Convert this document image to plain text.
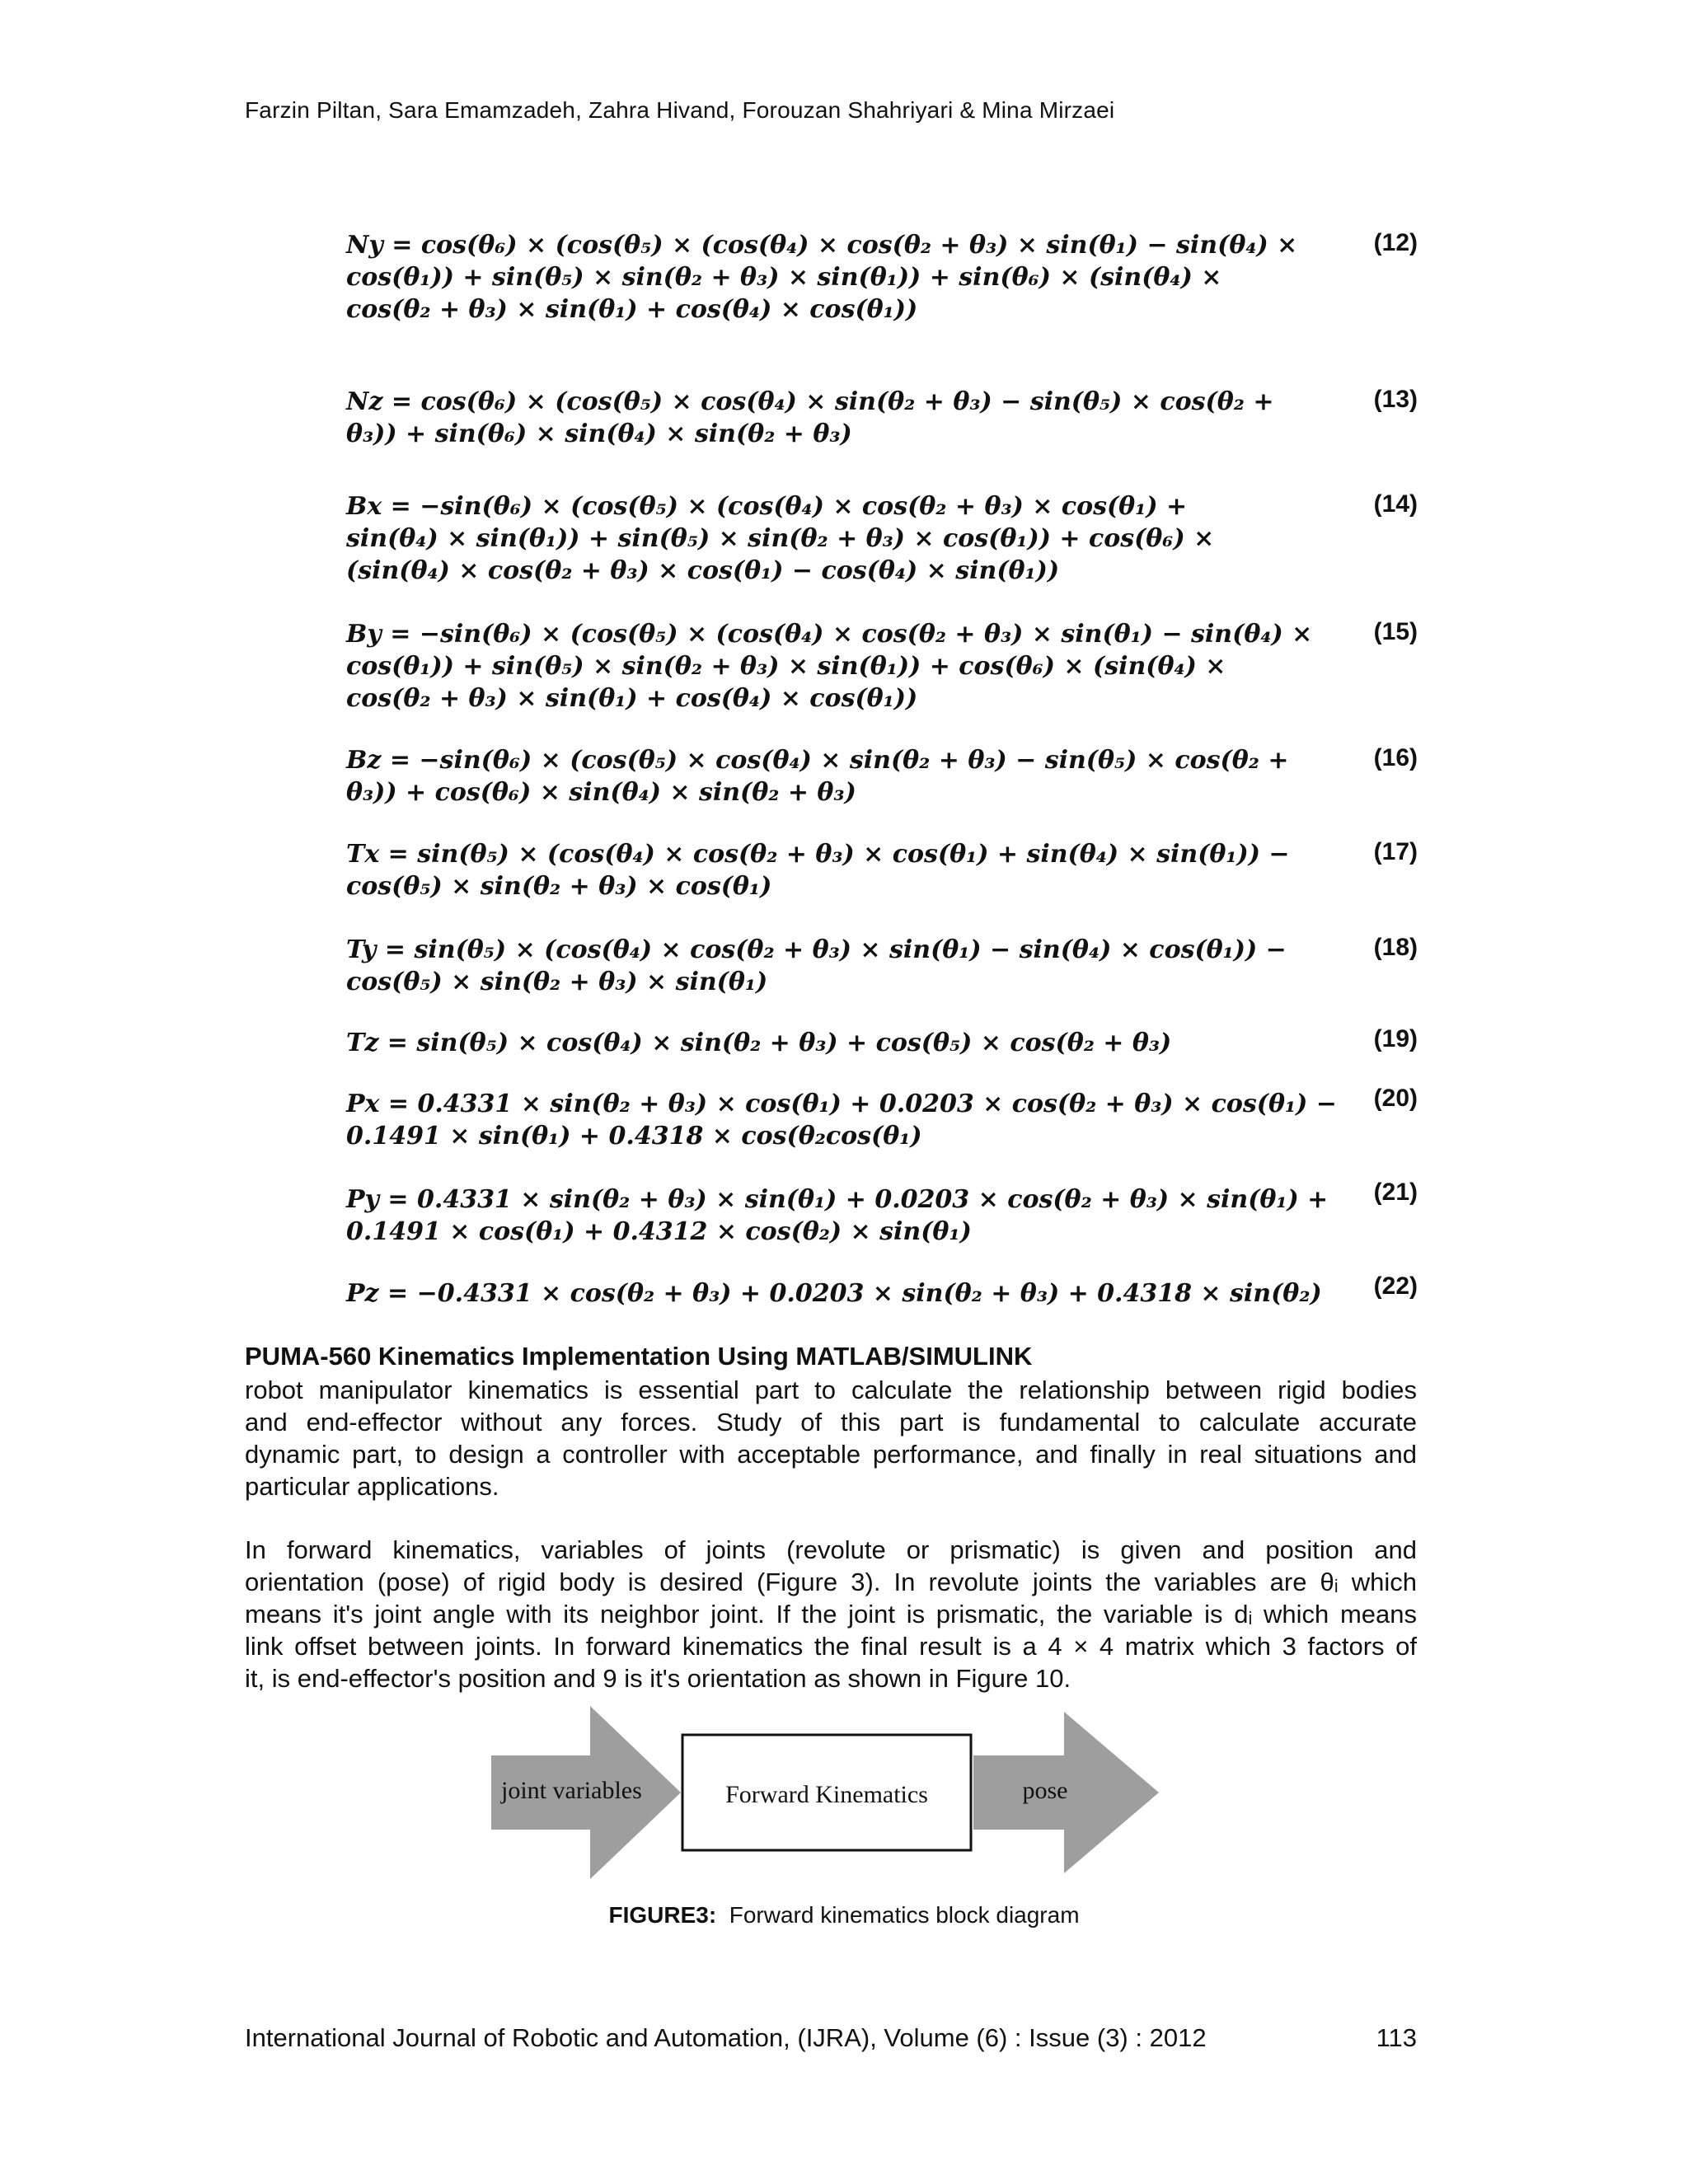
Farzin Piltan, Sara Emamzadeh, Zahra Hivand, Forouzan Shahriyari & Mina Mirzaei
Ny = cos(θ₆) × (cos(θ₅) × (cos(θ₄) × cos(θ₂ + θ₃) × sin(θ₁) − sin(θ₄) ×
cos(θ₁)) + sin(θ₅) × sin(θ₂ + θ₃) × sin(θ₁)) + sin(θ₆) × (sin(θ₄) ×
cos(θ₂ + θ₃) × sin(θ₁) + cos(θ₄) × cos(θ₁))
(12)
Nz = cos(θ₆) × (cos(θ₅) × cos(θ₄) × sin(θ₂ + θ₃) − sin(θ₅) × cos(θ₂ +
θ₃)) + sin(θ₆) × sin(θ₄) × sin(θ₂ + θ₃)
(13)
Bx = −sin(θ₆) × (cos(θ₅) × (cos(θ₄) × cos(θ₂ + θ₃) × cos(θ₁) +
sin(θ₄) × sin(θ₁)) + sin(θ₅) × sin(θ₂ + θ₃) × cos(θ₁)) + cos(θ₆) ×
(sin(θ₄) × cos(θ₂ + θ₃) × cos(θ₁) − cos(θ₄) × sin(θ₁))
(14)
By = −sin(θ₆) × (cos(θ₅) × (cos(θ₄) × cos(θ₂ + θ₃) × sin(θ₁) − sin(θ₄) ×
cos(θ₁)) + sin(θ₅) × sin(θ₂ + θ₃) × sin(θ₁)) + cos(θ₆) × (sin(θ₄) ×
cos(θ₂ + θ₃) × sin(θ₁) + cos(θ₄) × cos(θ₁))
(15)
Bz = −sin(θ₆) × (cos(θ₅) × cos(θ₄) × sin(θ₂ + θ₃) − sin(θ₅) × cos(θ₂ +
θ₃)) + cos(θ₆) × sin(θ₄) × sin(θ₂ + θ₃)
(16)
Tx = sin(θ₅) × (cos(θ₄) × cos(θ₂ + θ₃) × cos(θ₁) + sin(θ₄) × sin(θ₁)) −
cos(θ₅) × sin(θ₂ + θ₃) × cos(θ₁)
(17)
Ty = sin(θ₅) × (cos(θ₄) × cos(θ₂ + θ₃) × sin(θ₁) − sin(θ₄) × cos(θ₁)) −
cos(θ₅) × sin(θ₂ + θ₃) × sin(θ₁)
(18)
Tz = sin(θ₅) × cos(θ₄) × sin(θ₂ + θ₃) + cos(θ₅) × cos(θ₂ + θ₃)	(19)
Px = 0.4331 × sin(θ₂ + θ₃) × cos(θ₁) + 0.0203 × cos(θ₂ + θ₃) × cos(θ₁) −
0.1491 × sin(θ₁) + 0.4318 × cos(θ₂cos(θ₁)
(20)
Py = 0.4331 × sin(θ₂ + θ₃) × sin(θ₁) + 0.0203 × cos(θ₂ + θ₃) × sin(θ₁) +
0.1491 × cos(θ₁) + 0.4312 × cos(θ₂) × sin(θ₁)
(21)
Pz = −0.4331 × cos(θ₂ + θ₃) + 0.0203 × sin(θ₂ + θ₃) + 0.4318 × sin(θ₂) (22)
PUMA-560 Kinematics Implementation Using MATLAB/SIMULINK
robot manipulator kinematics is essential part to calculate the relationship between rigid bodies
and end-effector without any forces. Study of this part is fundamental to calculate accurate
dynamic part, to design a controller with acceptable performance, and finally in real situations and
particular applications.
In forward kinematics, variables of joints (revolute or prismatic) is given and position and
orientation (pose) of rigid body is desired (Figure 3). In revolute joints the variables are θᵢ which
means it's joint angle with its neighbor joint. If the joint is prismatic, the variable is dᵢ which means
link offset between joints. In forward kinematics the final result is a 4 × 4 matrix which 3 factors of
it, is end-effector's position and 9 is it's orientation as shown in Figure 10.
joint variables	Forward Kinematics	pose
FIGURE3: Forward kinematics block diagram
International Journal of Robotic and Automation, (IJRA), Volume (6) : Issue (3) : 2012	113
